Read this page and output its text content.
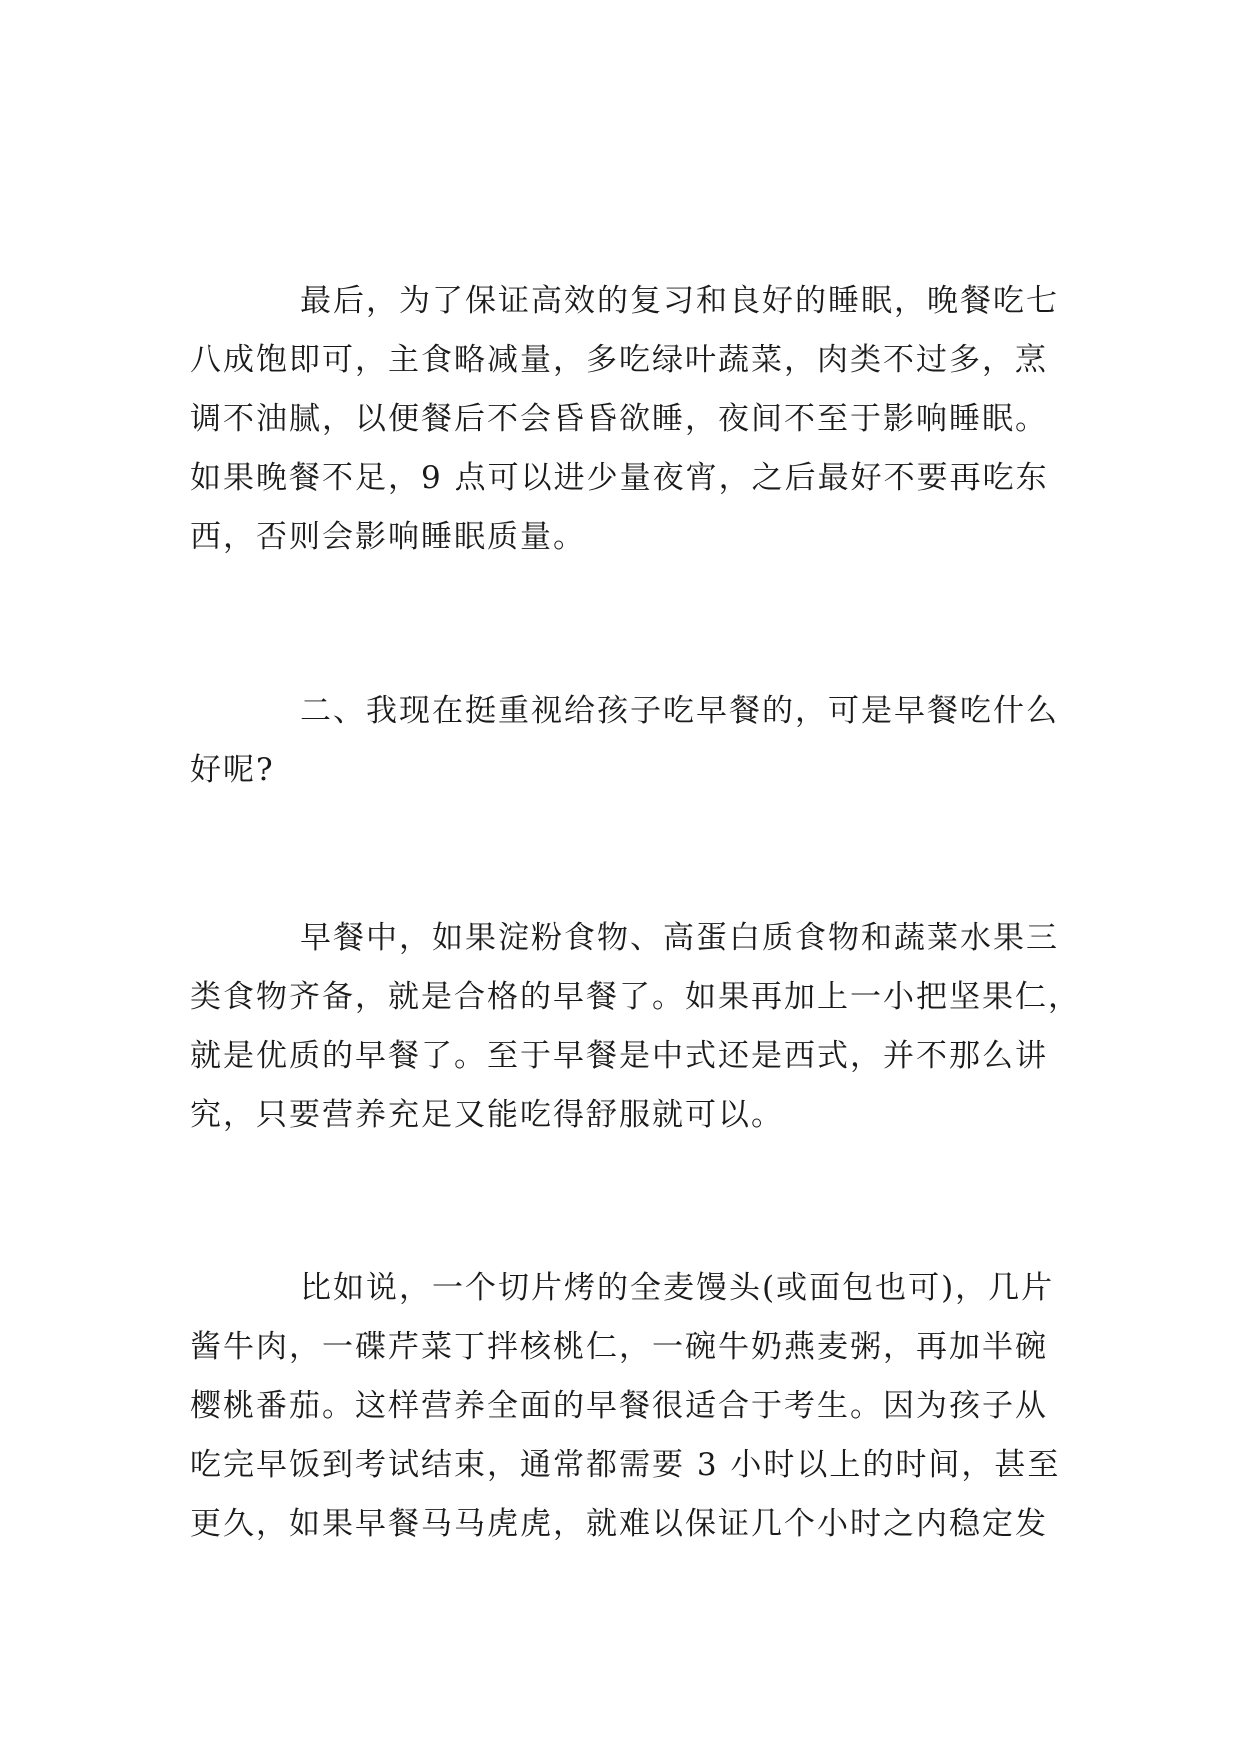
最后，为了保证高效的复习和良好的睡眠，晚餐吃七
八成饱即可，主食略减量，多吃绿叶蔬菜，肉类不过多，烹
调不油腻，以便餐后不会昏昏欲睡，夜间不至于影响睡眠。
如果晚餐不足，9 点可以进少量夜宵，之后最好不要再吃东
西，否则会影响睡眠质量。
二、我现在挺重视给孩子吃早餐的，可是早餐吃什么
好呢?
早餐中，如果淀粉食物、高蛋白质食物和蔬菜水果三
类食物齐备，就是合格的早餐了。如果再加上一小把坚果仁，
就是优质的早餐了。至于早餐是中式还是西式，并不那么讲
究，只要营养充足又能吃得舒服就可以。
比如说，一个切片烤的全麦馒头(或面包也可)，几片
酱牛肉，一碟芹菜丁拌核桃仁，一碗牛奶燕麦粥，再加半碗
樱桃番茄。这样营养全面的早餐很适合于考生。因为孩子从
吃完早饭到考试结束，通常都需要 3 小时以上的时间，甚至
更久，如果早餐马马虎虎，就难以保证几个小时之内稳定发
